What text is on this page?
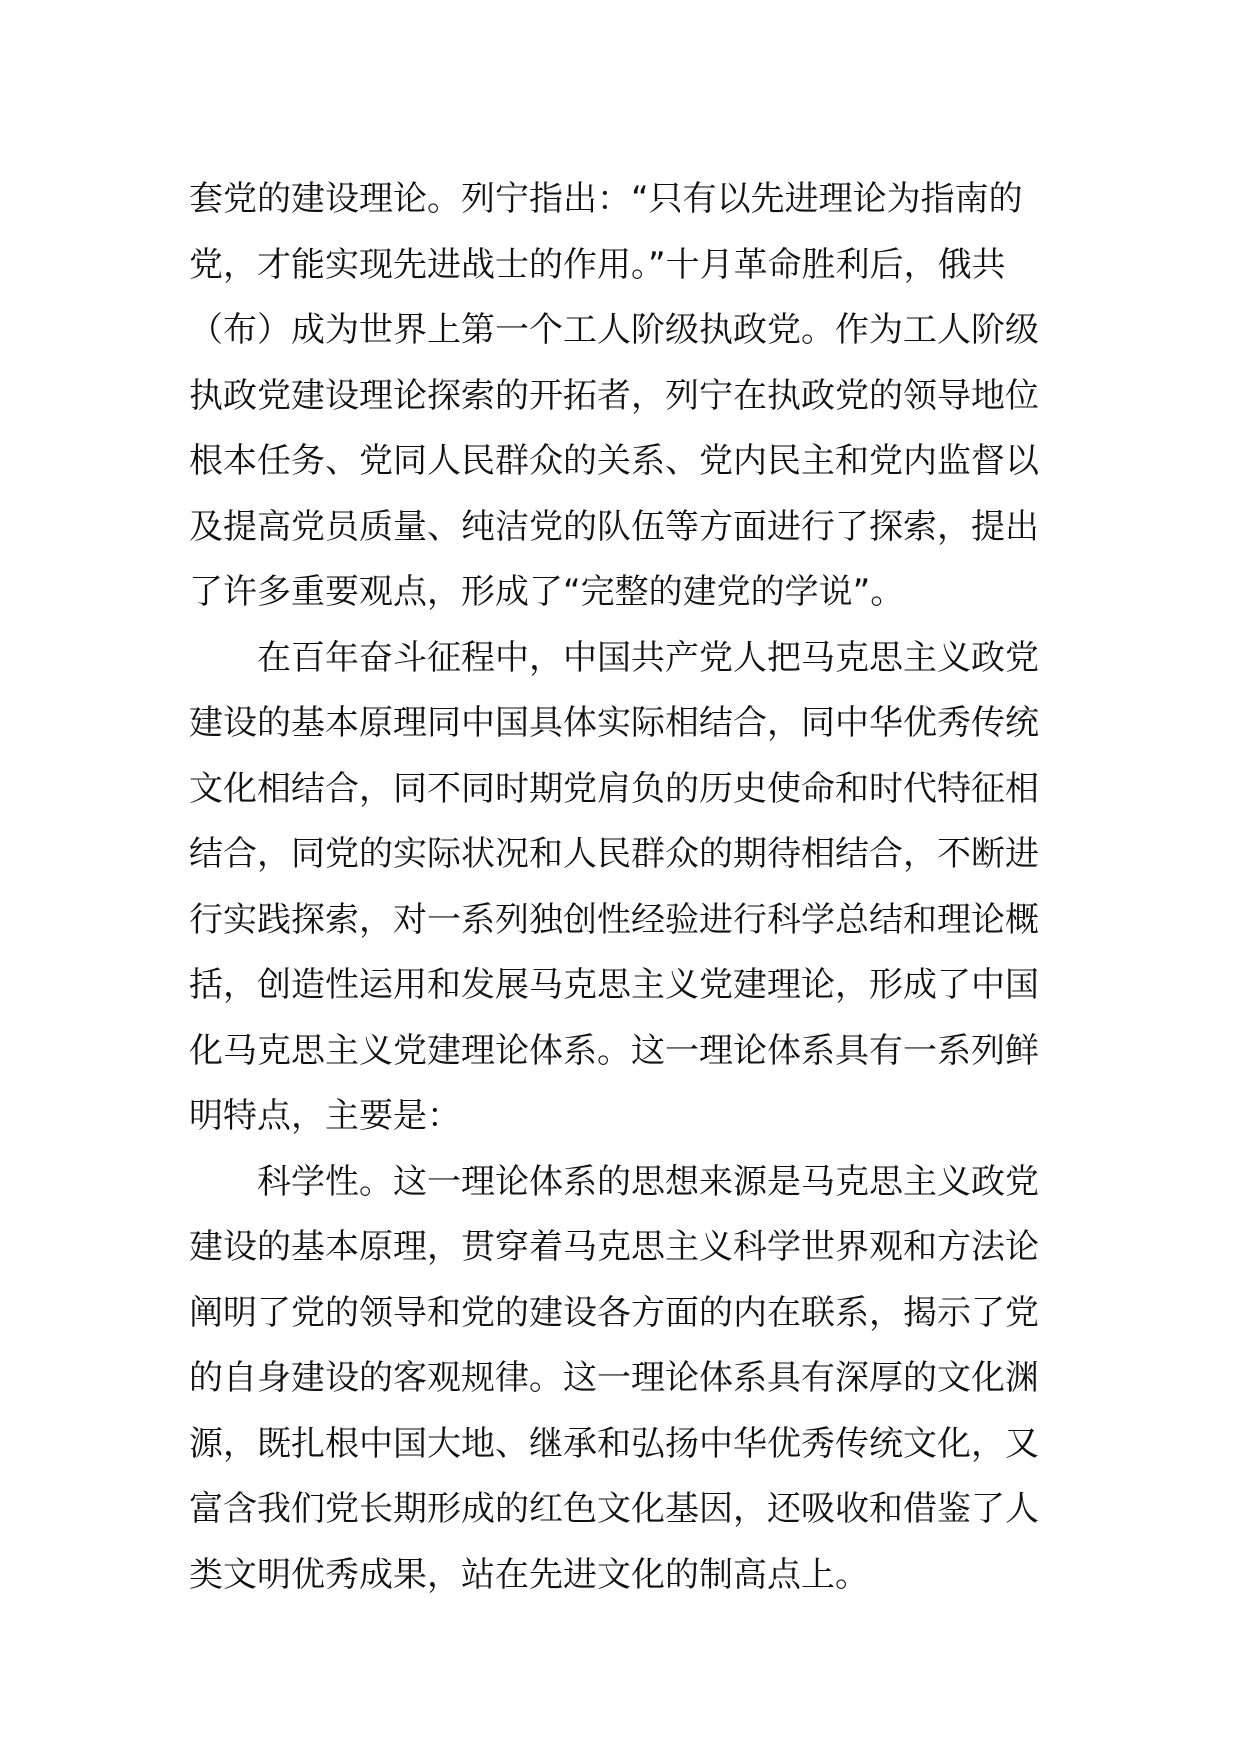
套党的建设理论。列宁指出：“只有以先进理论为指南的
党，才能实现先进战士的作用。”十月革命胜利后，俄共
（布）成为世界上第一个工人阶级执政党。作为工人阶级
执政党建设理论探索的开拓者，列宁在执政党的领导地位
根本任务、党同人民群众的关系、党内民主和党内监督以
及提高党员质量、纯洁党的队伍等方面进行了探索，提出
了许多重要观点，形成了“完整的建党的学说”。
在百年奋斗征程中，中国共产党人把马克思主义政党
建设的基本原理同中国具体实际相结合，同中华优秀传统
文化相结合，同不同时期党肩负的历史使命和时代特征相
结合，同党的实际状况和人民群众的期待相结合，不断进
行实践探索，对一系列独创性经验进行科学总结和理论概
括，创造性运用和发展马克思主义党建理论，形成了中国
化马克思主义党建理论体系。这一理论体系具有一系列鲜
明特点，主要是：
科学性。这一理论体系的思想来源是马克思主义政党
建设的基本原理，贯穿着马克思主义科学世界观和方法论
阐明了党的领导和党的建设各方面的内在联系，揭示了党
的自身建设的客观规律。这一理论体系具有深厚的文化渊
源，既扎根中国大地、继承和弘扬中华优秀传统文化，又
富含我们党长期形成的红色文化基因，还吸收和借鉴了人
类文明优秀成果，站在先进文化的制高点上。
